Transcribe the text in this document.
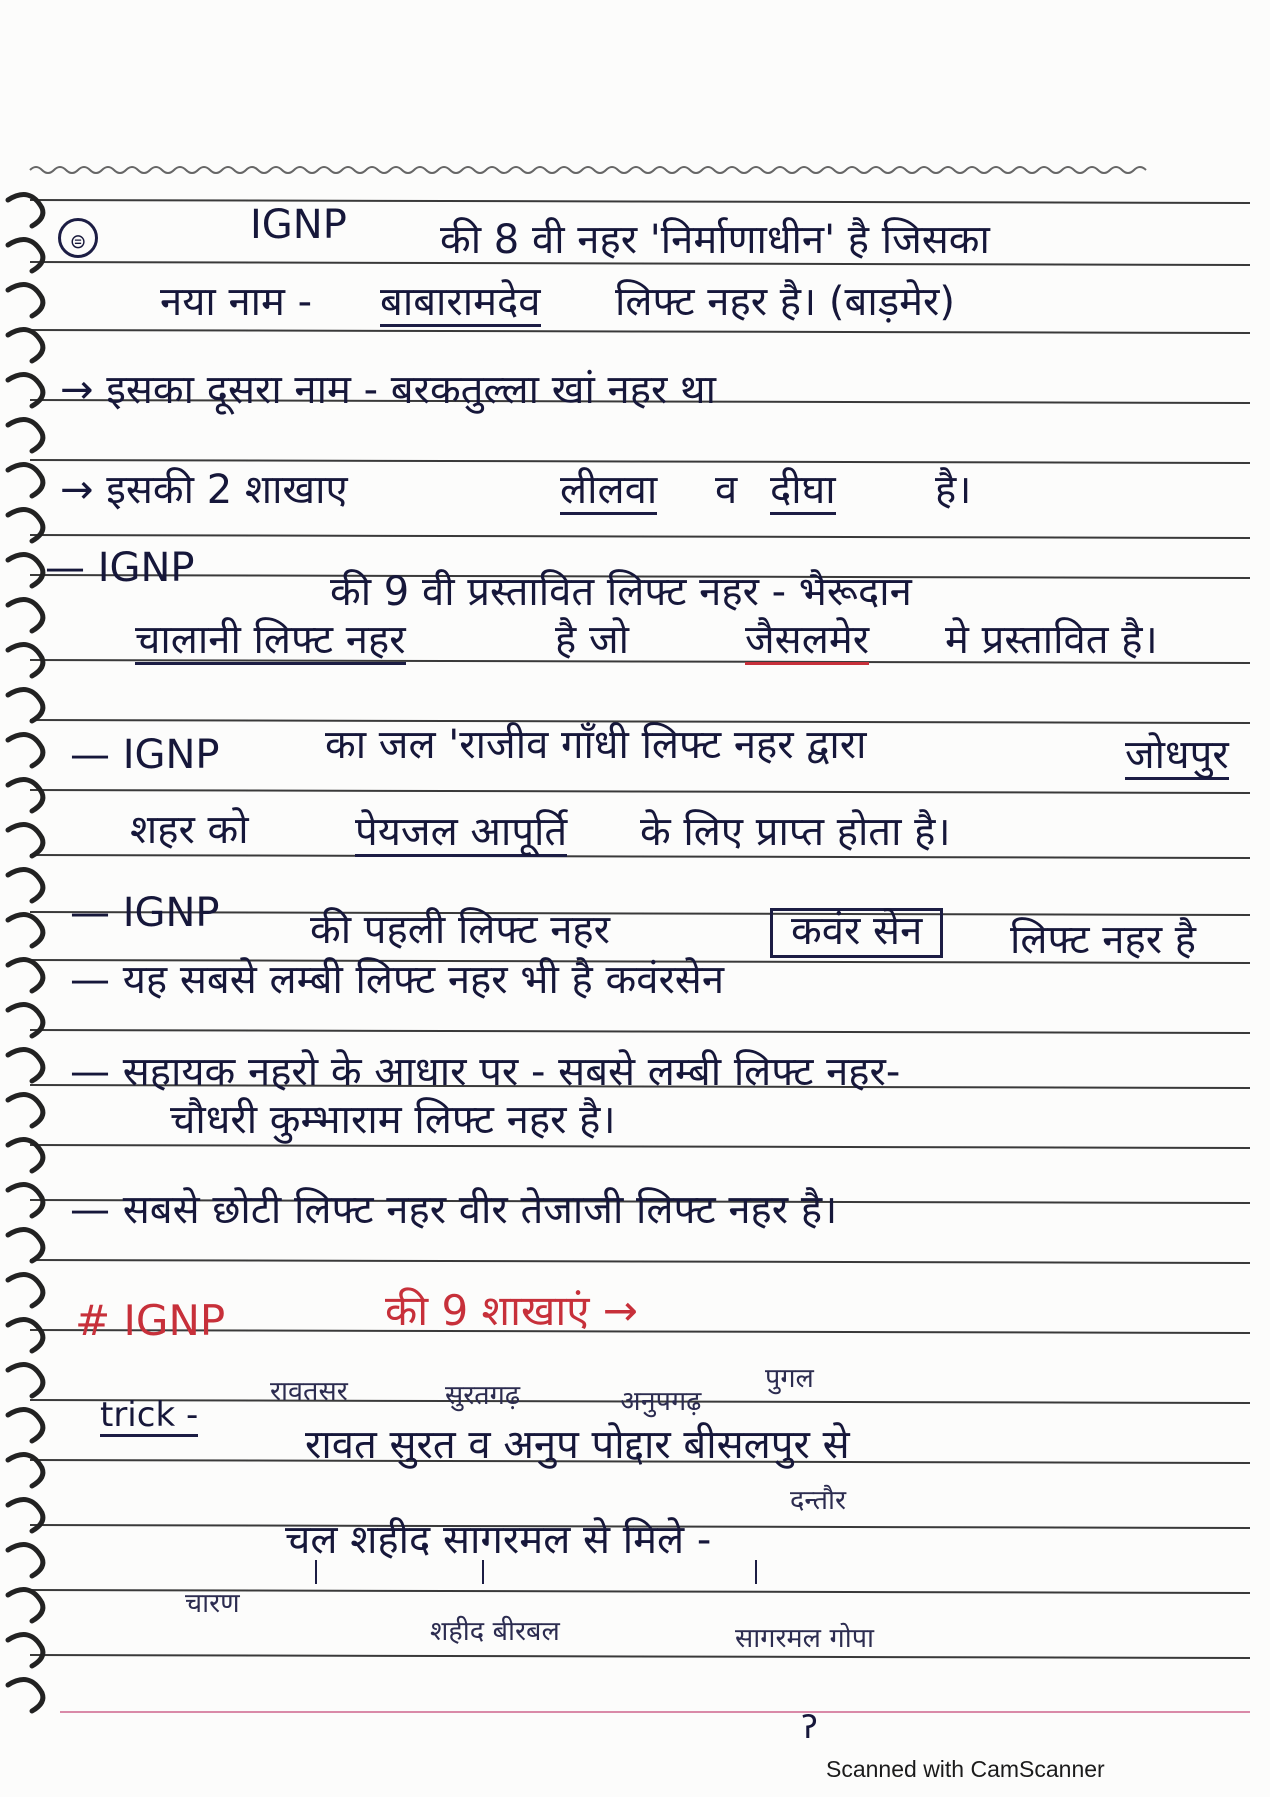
⊜	IGNP की 8 वी नहर 'निर्माणाधीन' है जिसका
नया नाम - बाबारामदेव लिफ्ट नहर है। (बाड़मेर)
→ इसका दूसरा नाम - बरकतुल्ला खां नहर था
→ इसकी 2 शाखाए	लीलवा व दीघा है।
— IGNP
की 9 वी प्रस्तावित लिफ्ट नहर - भैरूदान
चालानी लिफ्ट नहर	है जो	जैसलमेर मे प्रस्तावित है।
— IGNP	का जल 'राजीव गाँधी लिफ्ट नहर द्वारा	जोधपुर
शहर को	पेयजल आपूर्ति के लिए प्राप्त होता है।
— IGNP की पहली लिफ्ट नहर	कवंर सेन	लिफ्ट नहर है
— यह सबसे लम्बी लिफ्ट नहर भी है कवंरसेन
— सहायक नहरो के आधार पर - सबसे लम्बी लिफ्ट नहर-
चौधरी कुम्भाराम लिफ्ट नहर है।
— सबसे छोटी लिफ्ट नहर वीर तेजाजी लिफ्ट नहर है।
# IGNP	की 9 शाखाएं →
रावतसर	सुरतगढ़	अनुपगढ़
पुगल
trick -
रावत सुरत व अनुप पोद्दार बीसलपुर से
दन्तौर
चल शहीद सागरमल से मिले -
चारण
शहीद बीरबल	सागरमल गोपा
ॽ
Scanned with CamScanner
